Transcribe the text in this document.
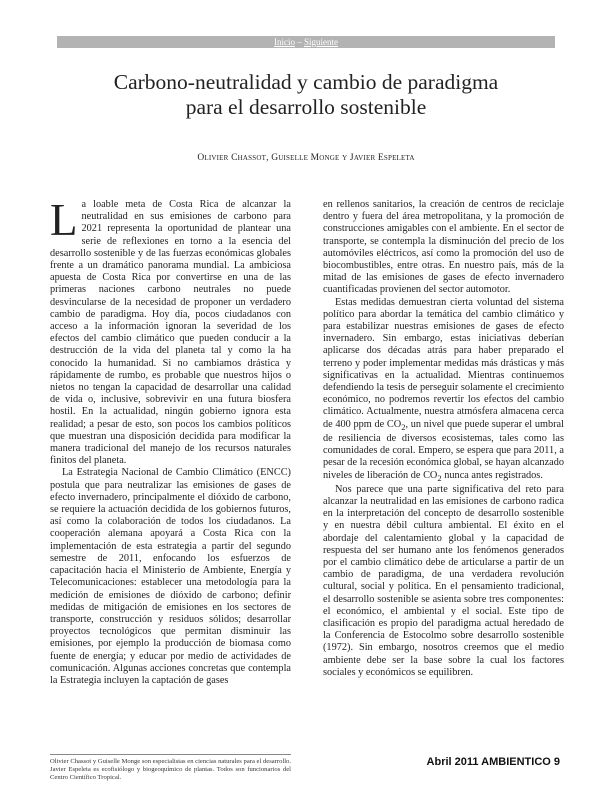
Inicio – Siguiente
Carbono-neutralidad y cambio de paradigma
para el desarrollo sostenible
Olivier Chassot, Guiselle Monge y Javier Espeleta

La loable meta de Costa Rica de alcanzar la neutralidad en sus emisiones de carbono para 2021 representa la oportunidad de plantear una serie de reflexiones en torno a la esencia del desarrollo sostenible y de las fuerzas económicas globales frente a un dramático panorama mundial. La ambiciosa apuesta de Costa Rica por convertirse en una de las primeras naciones carbono neutrales no puede desvincularse de la necesidad de proponer un verdadero cambio de paradigma. Hoy día, pocos ciudadanos con acceso a la información ignoran la severidad de los efectos del cambio climático que pueden conducir a la destrucción de la vida del planeta tal y como la ha conocido la humanidad. Si no cambiamos drástica y rápidamente de rumbo, es probable que nuestros hijos o nietos no tengan la capacidad de desarrollar una calidad de vida o, inclusive, sobrevivir en una futura biosfera hostil. En la actualidad, ningún gobierno ignora esta realidad; a pesar de esto, son pocos los cambios políticos que muestran una disposición decidida para modificar la manera tradicional del manejo de los recursos naturales finitos del planeta.

La Estrategia Nacional de Cambio Climático (ENCC) postula que para neutralizar las emisiones de gases de efecto invernadero, principalmente el dióxido de carbono, se requiere la actuación decidida de los gobiernos futuros, así como la colaboración de todos los ciudadanos. La cooperación alemana apoyará a Costa Rica con la implementación de esta estrategia a partir del segundo semestre de 2011, enfocando los esfuerzos de capacitación hacia el Ministerio de Ambiente, Energía y Telecomunicaciones: establecer una metodología para la medición de emisiones de dióxido de carbono; definir medidas de mitigación de emisiones en los sectores de transporte, construcción y residuos sólidos; desarrollar proyectos tecnológicos que permitan disminuir las emisiones, por ejemplo la producción de biomasa como fuente de energía; y educar por medio de actividades de comunicación. Algunas acciones concretas que contempla la Estrategia incluyen la captación de gases

en rellenos sanitarios, la creación de centros de reciclaje dentro y fuera del área metropolitana, y la promoción de construcciones amigables con el ambiente. En el sector de transporte, se contempla la disminución del precio de los automóviles eléctricos, así como la promoción del uso de biocombustibles, entre otras. En nuestro país, más de la mitad de las emisiones de gases de efecto invernadero cuantificadas provienen del sector automotor.

Estas medidas demuestran cierta voluntad del sistema político para abordar la temática del cambio climático y para estabilizar nuestras emisiones de gases de efecto invernadero. Sin embargo, estas iniciativas deberían aplicarse dos décadas atrás para haber preparado el terreno y poder implementar medidas más drásticas y más significativas en la actualidad. Mientras continuemos defendiendo la tesis de perseguir solamente el crecimiento económico, no podremos revertir los efectos del cambio climático. Actualmente, nuestra atmósfera almacena cerca de 400 ppm de $CO_2$, un nivel que puede superar el umbral de resiliencia de diversos ecosistemas, tales como las comunidades de coral. Empero, se espera que para 2011, a pesar de la recesión económica global, se hayan alcanzado niveles de liberación de $CO_2$ nunca antes registrados.

Nos parece que una parte significativa del reto para alcanzar la neutralidad en las emisiones de carbono radica en la interpretación del concepto de desarrollo sostenible y en nuestra débil cultura ambiental. El éxito en el abordaje del calentamiento global y la capacidad de respuesta del ser humano ante los fenómenos generados por el cambio climático debe de articularse a partir de un cambio de paradigma, de una verdadera revolución cultural, social y política. En el pensamiento tradicional, el desarrollo sostenible se asienta sobre tres componentes: el económico, el ambiental y el social. Este tipo de clasificación es propio del paradigma actual heredado de la Conferencia de Estocolmo sobre desarrollo sostenible (1972). Sin embargo, nosotros creemos que el medio ambiente debe ser la base sobre la cual los factores sociales y económicos se equilibren.

Olivier Chassot y Guiselle Monge son especialistas en ciencias naturales para el desarrollo. Javier Espeleta es ecofisiólogo y biogeoquímico de plantas. Todos son funcionarios del Centro Científico Tropical.
Abril 2011 AMBIENTICO 9
